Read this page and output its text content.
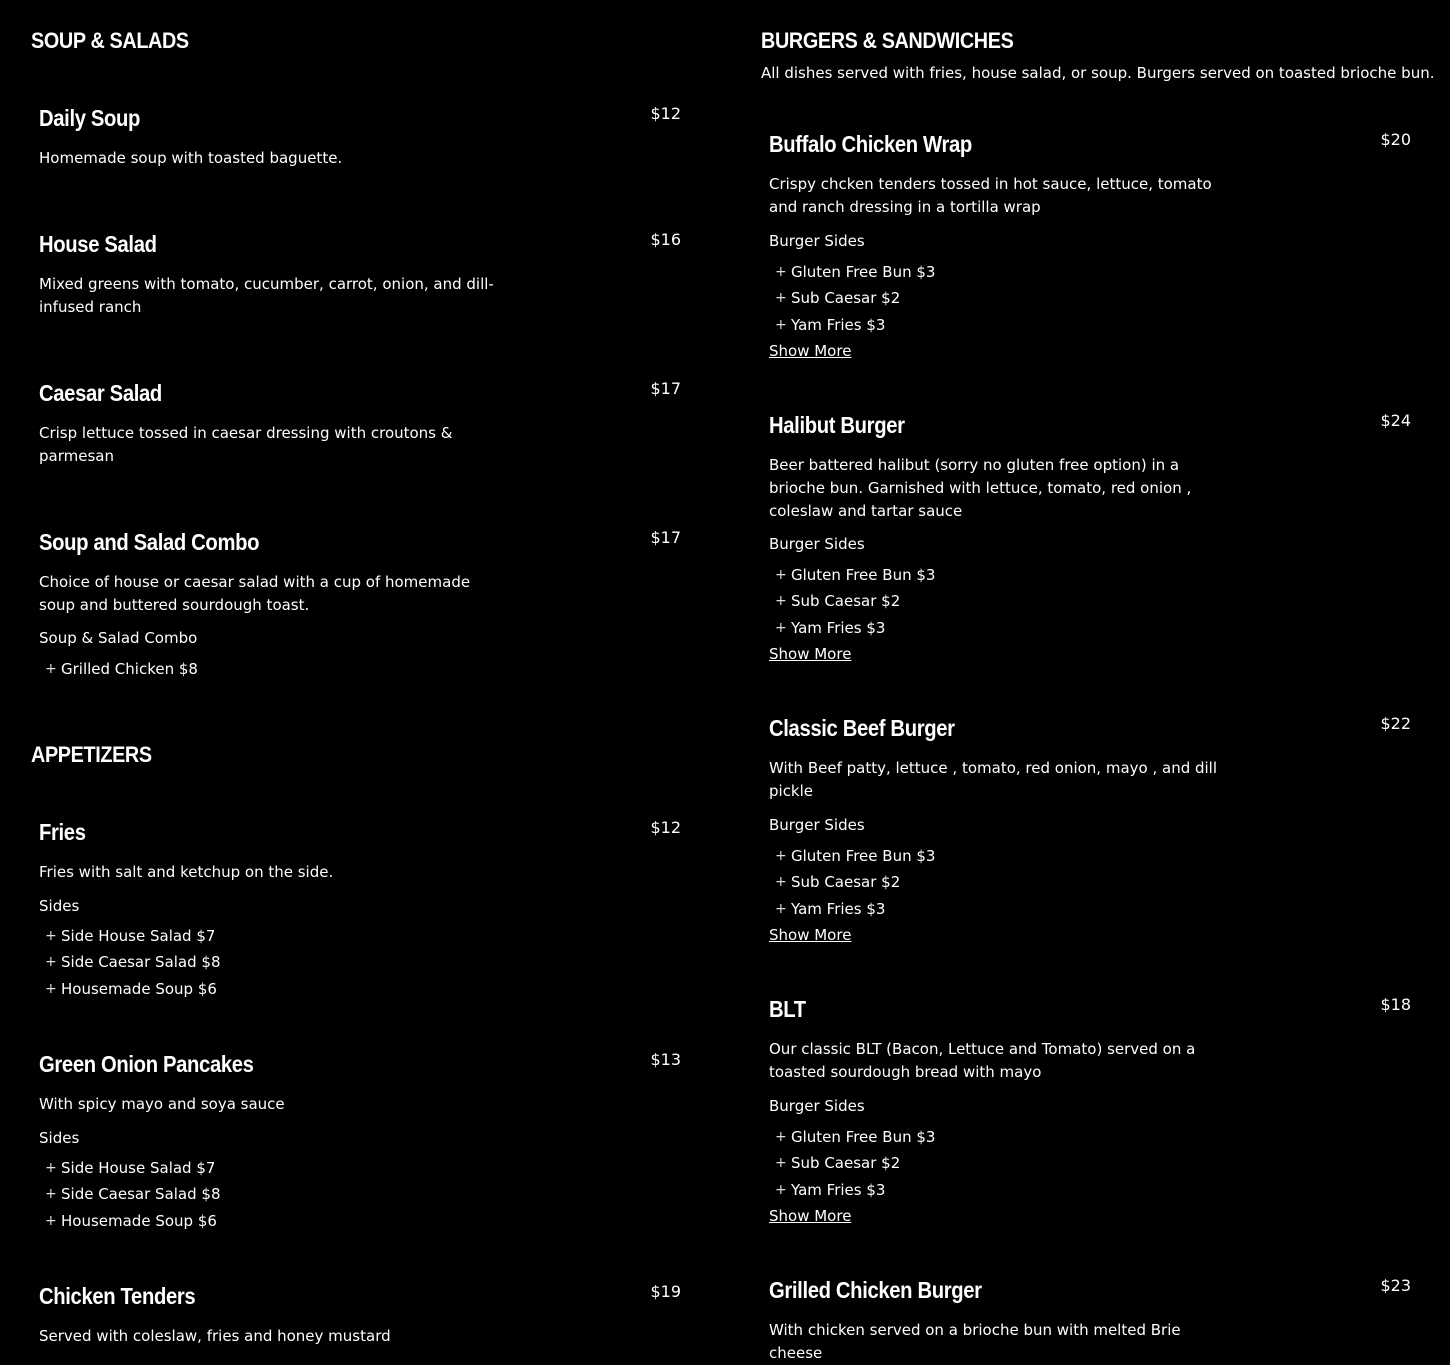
SOUP & SALADS
Daily Soup	$12
Homemade soup with toasted baguette.
House Salad	$16
Mixed greens with tomato, cucumber, carrot, onion, and dill-infused ranch
Caesar Salad	$17
Crisp lettuce tossed in caesar dressing with croutons & parmesan
Soup and Salad Combo	$17
Choice of house or caesar salad with a cup of homemade soup and buttered sourdough toast.
Soup & Salad Combo
+ Grilled Chicken $8
APPETIZERS
Fries	$12
Fries with salt and ketchup on the side.
Sides
+ Side House Salad $7
+ Side Caesar Salad $8
+ Housemade Soup $6
Green Onion Pancakes	$13
With spicy mayo and soya sauce
Sides
+ Side House Salad $7
+ Side Caesar Salad $8
+ Housemade Soup $6
Chicken Tenders	$19
Served with coleslaw, fries and honey mustard
BURGERS & SANDWICHES

All dishes served with fries, house salad, or soup. Burgers served on toasted brioche bun.

Buffalo Chicken Wrap	$20
Crispy chcken tenders tossed in hot sauce, lettuce, tomato and ranch dressing in a tortilla wrap
Burger Sides
+ Gluten Free Bun $3
+ Sub Caesar $2
+ Yam Fries $3
Show More
Halibut Burger	$24
Beer battered halibut (sorry no gluten free option) in a brioche bun. Garnished with lettuce, tomato, red onion , coleslaw and tartar sauce
Burger Sides
+ Gluten Free Bun $3
+ Sub Caesar $2
+ Yam Fries $3
Show More
Classic Beef Burger	$22
With Beef patty, lettuce , tomato, red onion, mayo , and dill pickle
Burger Sides
+ Gluten Free Bun $3
+ Sub Caesar $2
+ Yam Fries $3
Show More
BLT	$18
Our classic BLT (Bacon, Lettuce and Tomato) served on a toasted sourdough bread with mayo
Burger Sides
+ Gluten Free Bun $3
+ Sub Caesar $2
+ Yam Fries $3
Show More
Grilled Chicken Burger	$23
With chicken served on a brioche bun with melted Brie cheese
